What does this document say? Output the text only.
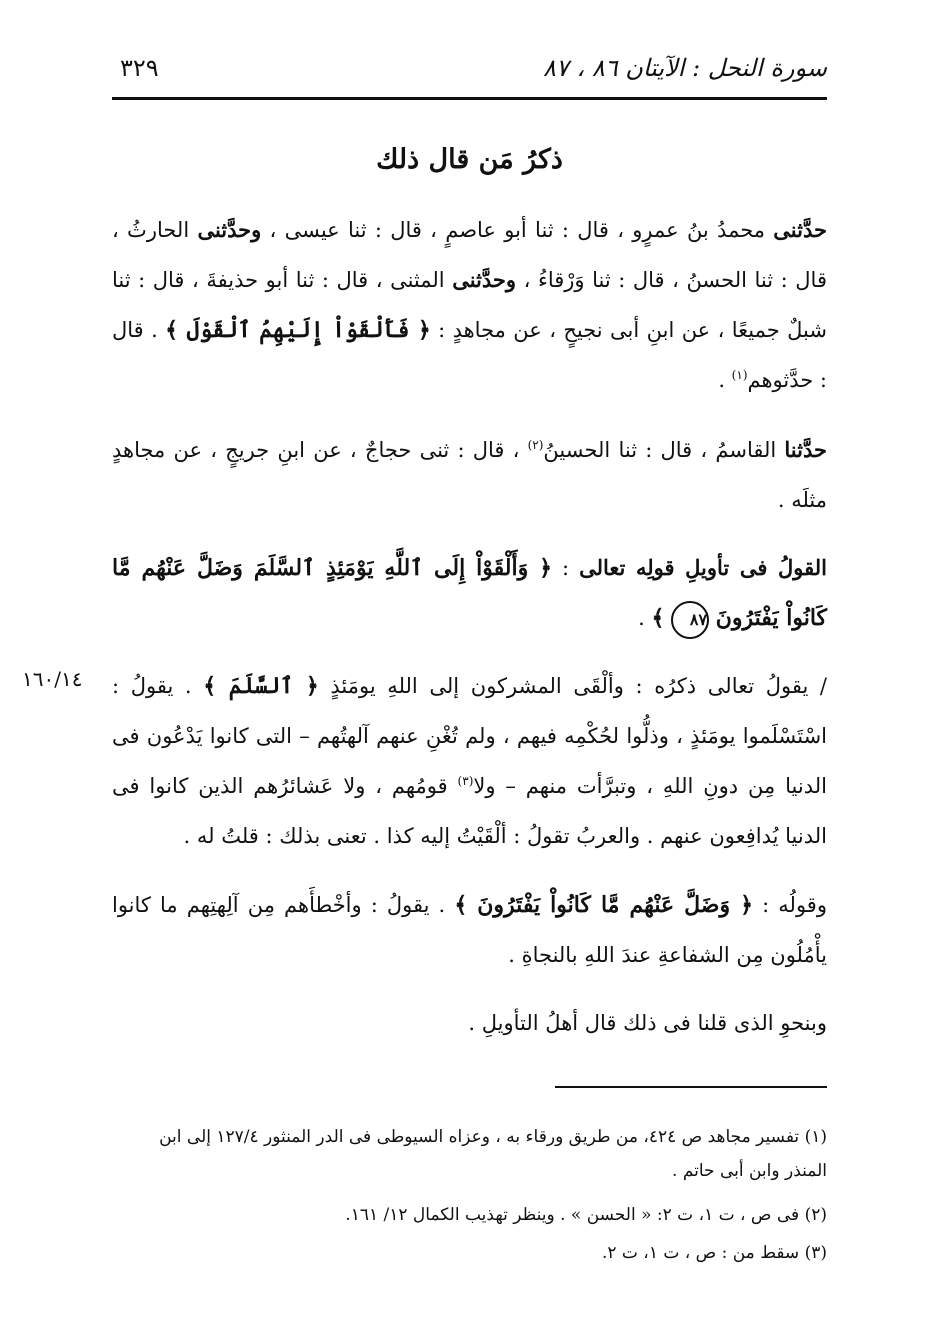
سورة النحل : الآيتان ٨٦ ، ٨٧
٣٢٩
ذكرُ مَن قال ذلك
حدَّثنى محمدُ بنُ عمرٍو ، قال : ثنا أبو عاصمٍ ، قال : ثنا عيسى ، وحدَّثنى الحارثُ ، قال : ثنا الحسنُ ، قال : ثنا وَرْقاءُ ، وحدَّثنى المثنى ، قال : ثنا أبو حذيفةَ ، قال : ثنا شبلٌ جميعًا ، عن ابنِ أبى نجيحٍ ، عن مجاهدٍ : ﴿ فَأَلْقَوْاْ إِلَيْهِمُ ٱلْقَوْلَ ﴾ . قال : حدَّثوهم$^{(١)}$ .
حدَّثنا القاسمُ ، قال : ثنا الحسينُ$^{(٢)}$ ، قال : ثنى حجاجٌ ، عن ابنِ جريجٍ ، عن مجاهدٍ مثلَه .
القولُ فى تأويلِ قولِه تعالى : ﴿ وَأَلْقَوْاْ إِلَى ٱللَّهِ يَوْمَئِذٍ ٱلسَّلَمَ وَضَلَّ عَنْهُم مَّا كَانُواْ يَفْتَرُونَ ٨٧ ﴾ .
١٦٠/١٤	/ يقولُ تعالى ذكرُه : وألْقَى المشركون إلى اللهِ يومَئذٍ ﴿ ٱلسَّلَمَ ﴾ . يقولُ : اسْتَسْلَموا يومَئذٍ ، وذلُّوا لحُكْمِه فيهم ، ولم تُغْنِ عنهم آلهتُهم – التى كانوا يَدْعُون فى الدنيا مِن دونِ اللهِ ، وتبرَّأت منهم – ولا$^{(٣)}$ قومُهم ، ولا عَشائرُهم الذين كانوا فى الدنيا يُدافِعون عنهم . والعربُ تقولُ : ألْقَيْتُ إليه كذا . تعنى بذلك : قلتُ له .
وقولُه : ﴿ وَضَلَّ عَنْهُم مَّا كَانُواْ يَفْتَرُونَ ﴾ . يقولُ : وأخْطأَهم مِن آلِهتِهم ما كانوا يأْمُلُون مِن الشفاعةِ عندَ اللهِ بالنجاةِ .
وبنحوِ الذى قلنا فى ذلك قال أهلُ التأويلِ .
(١) تفسير مجاهد ص ٤٢٤، من طريق ورقاء به ، وعزاه السيوطى فى الدر المنثور ١٢٧/٤ إلى ابن المنذر وابن أبى حاتم .
(٢) فى ص ، ت ١، ت ٢: « الحسن » . وينظر تهذيب الكمال ١٢/ ١٦١.
(٣) سقط من : ص ، ت ١، ت ٢.
